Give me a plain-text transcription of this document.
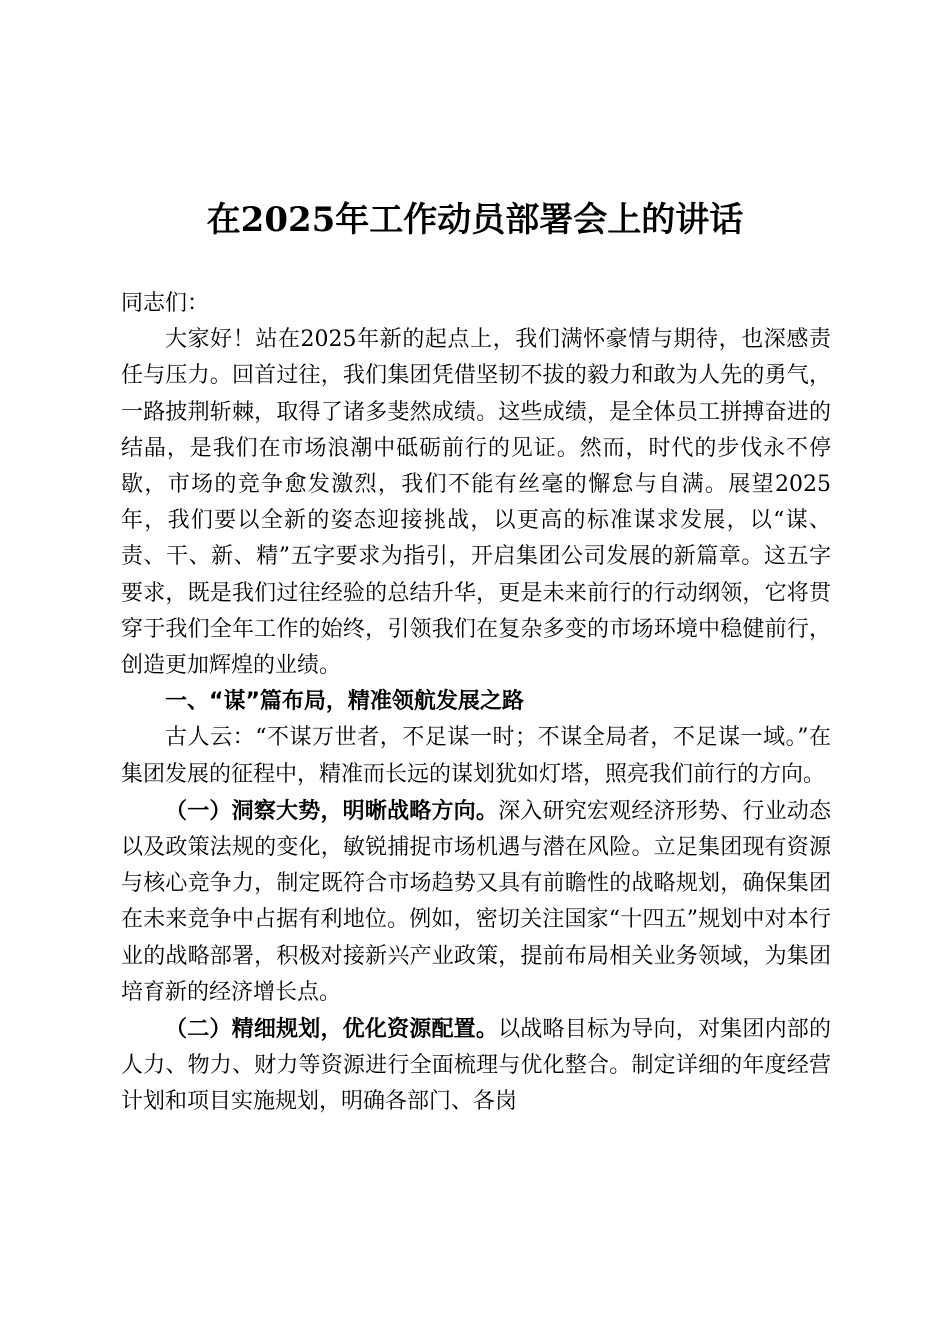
在2025年工作动员部署会上的讲话

同志们：

大家好！站在2025年新的起点上，我们满怀豪情与期待，也深感责任与压力。回首过往，我们集团凭借坚韧不拔的毅力和敢为人先的勇气，一路披荆斩棘，取得了诸多斐然成绩。这些成绩，是全体员工拼搏奋进的结晶，是我们在市场浪潮中砥砺前行的见证。然而，时代的步伐永不停歇，市场的竞争愈发激烈，我们不能有丝毫的懈怠与自满。展望2025年，我们要以全新的姿态迎接挑战，以更高的标准谋求发展，以“谋、责、干、新、精”五字要求为指引，开启集团公司发展的新篇章。这五字要求，既是我们过往经验的总结升华，更是未来前行的行动纲领，它将贯穿于我们全年工作的始终，引领我们在复杂多变的市场环境中稳健前行，创造更加辉煌的业绩。

一、“谋”篇布局，精准领航发展之路

古人云：“不谋万世者，不足谋一时；不谋全局者，不足谋一域。”在集团发展的征程中，精准而长远的谋划犹如灯塔，照亮我们前行的方向。

（一）洞察大势，明晰战略方向。深入研究宏观经济形势、行业动态以及政策法规的变化，敏锐捕捉市场机遇与潜在风险。立足集团现有资源与核心竞争力，制定既符合市场趋势又具有前瞻性的战略规划，确保集团在未来竞争中占据有利地位。例如，密切关注国家“十四五”规划中对本行业的战略部署，积极对接新兴产业政策，提前布局相关业务领域，为集团培育新的经济增长点。

（二）精细规划，优化资源配置。以战略目标为导向，对集团内部的人力、物力、财力等资源进行全面梳理与优化整合。制定详细的年度经营计划和项目实施规划，明确各部门、各岗
